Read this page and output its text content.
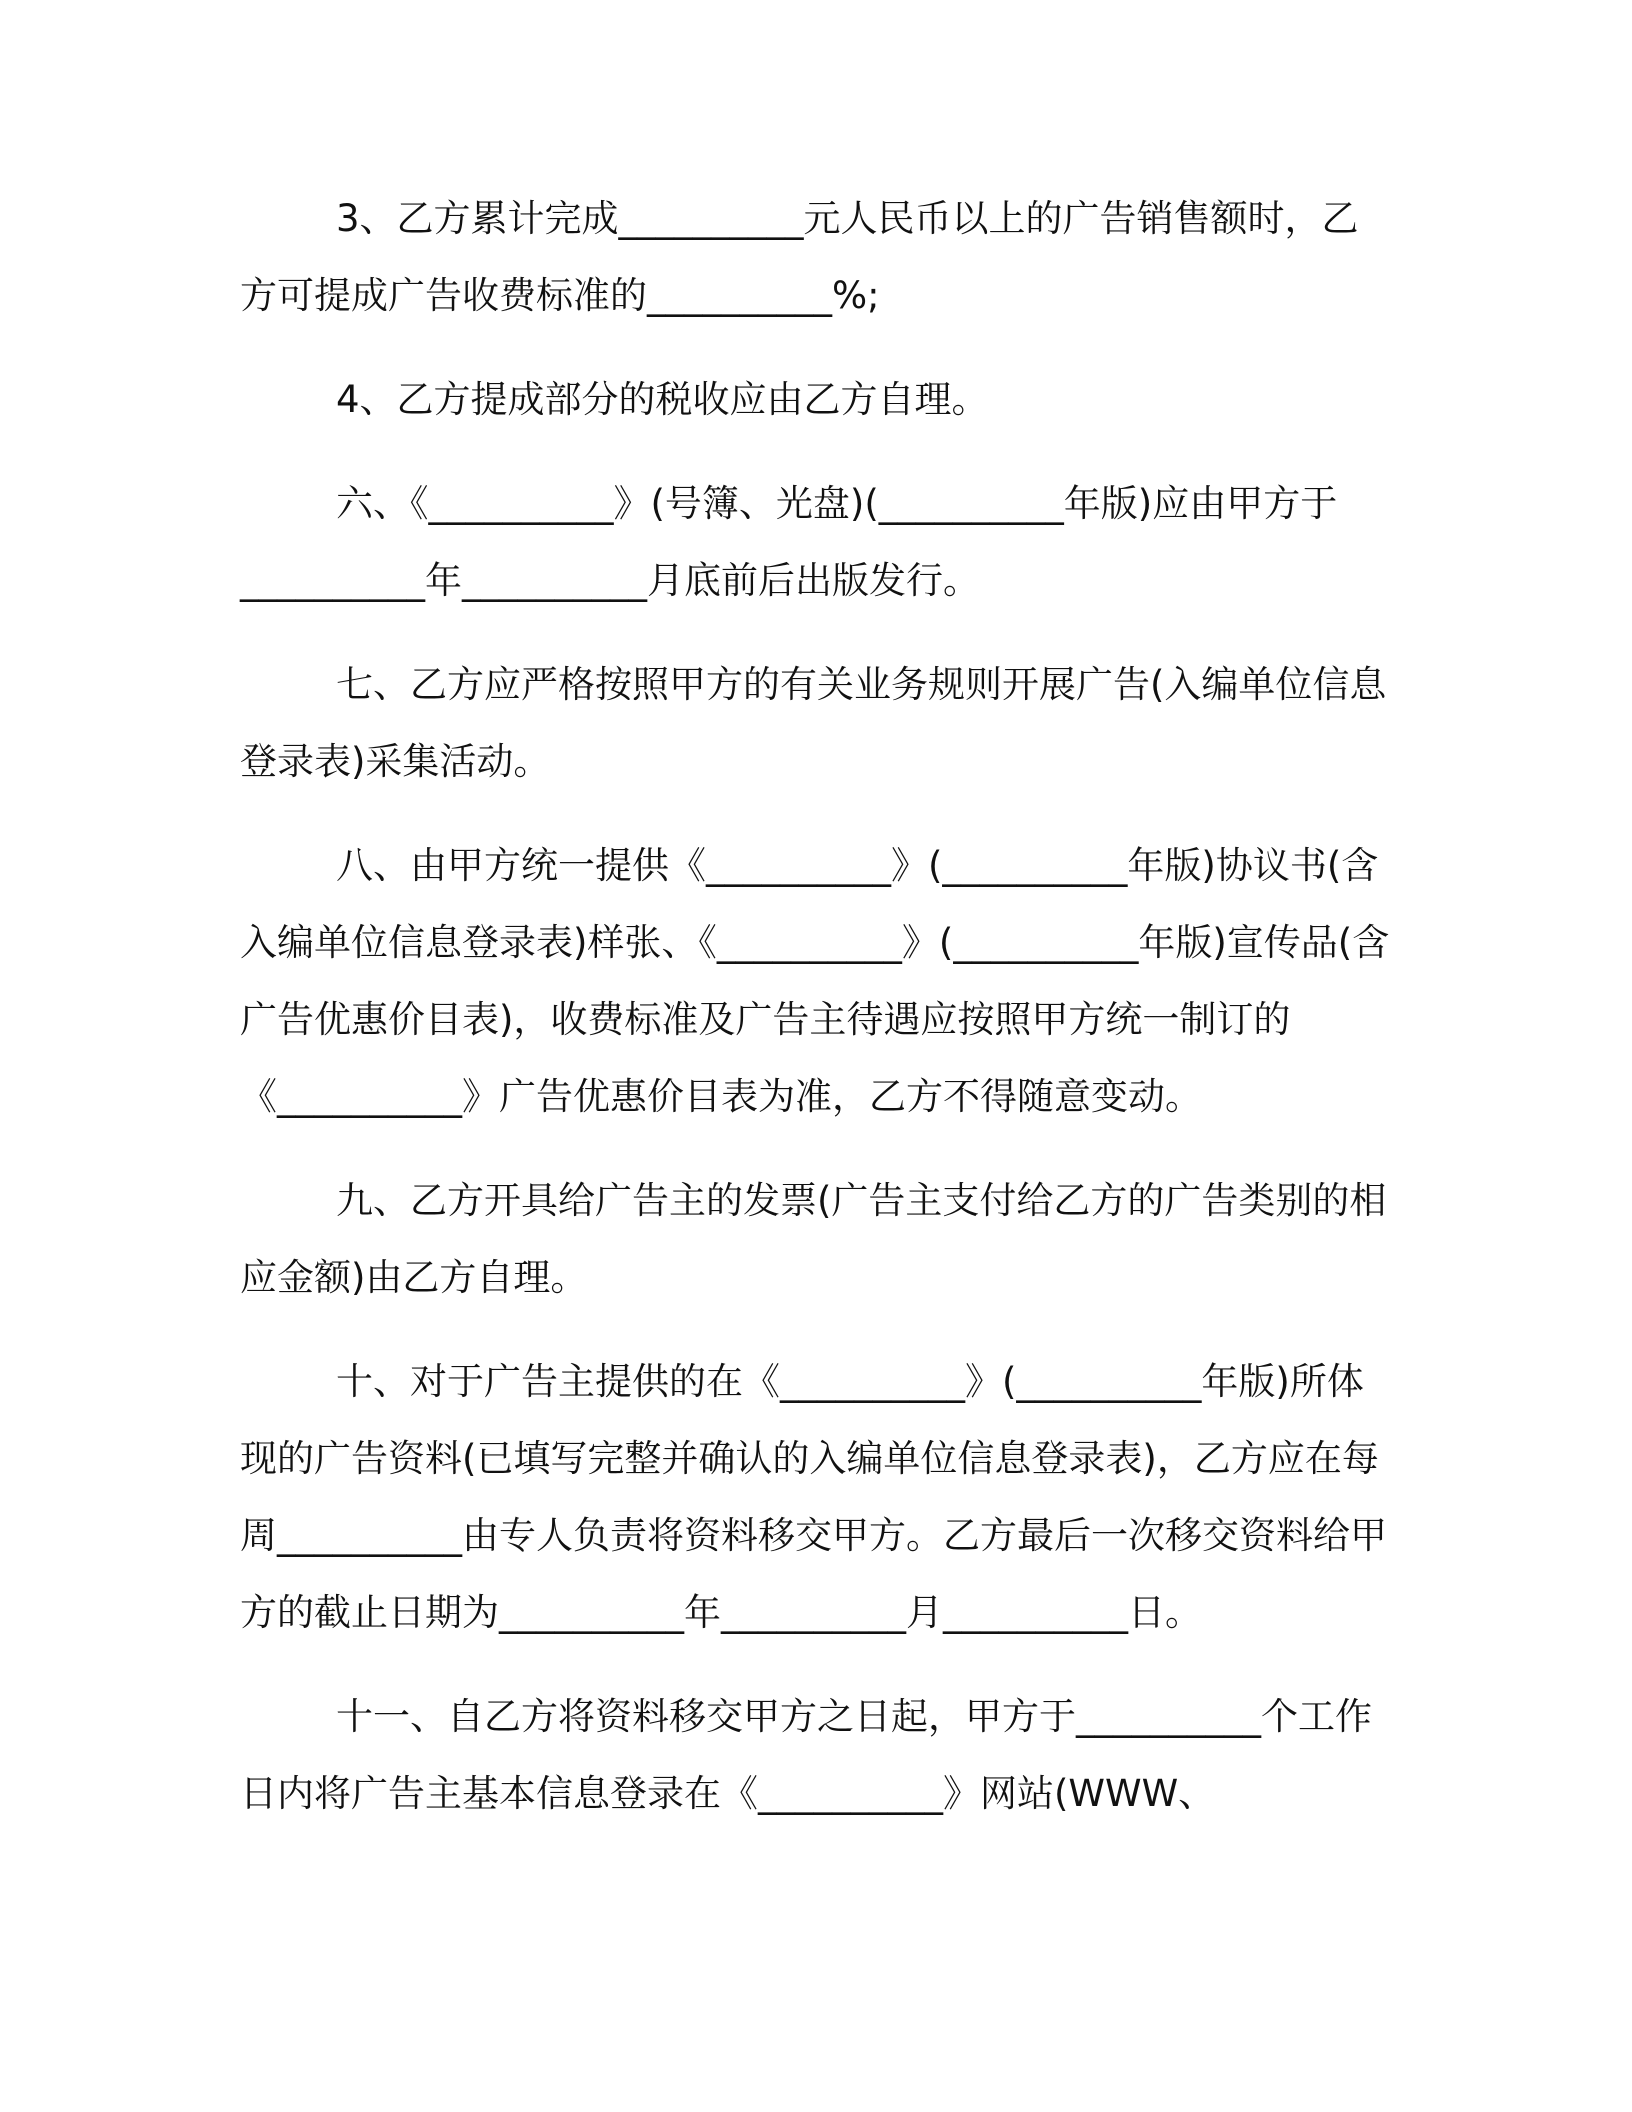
3、乙方累计完成__________元人民币以上的广告销售额时，乙方可提成广告收费标准的__________%;

4、乙方提成部分的税收应由乙方自理。

六、《__________》(号簿、光盘)(__________年版)应由甲方于__________年__________月底前后出版发行。

七、乙方应严格按照甲方的有关业务规则开展广告(入编单位信息登录表)采集活动。

八、由甲方统一提供《__________》(__________年版)协议书(含入编单位信息登录表)样张、《__________》(__________年版)宣传品(含广告优惠价目表)，收费标准及广告主待遇应按照甲方统一制订的《__________》广告优惠价目表为准，乙方不得随意变动。

九、乙方开具给广告主的发票(广告主支付给乙方的广告类别的相应金额)由乙方自理。

十、对于广告主提供的在《__________》(__________年版)所体现的广告资料(已填写完整并确认的入编单位信息登录表)，乙方应在每周__________由专人负责将资料移交甲方。乙方最后一次移交资料给甲方的截止日期为__________年__________月__________日。

十一、自乙方将资料移交甲方之日起，甲方于__________个工作日内将广告主基本信息登录在《__________》网站(WWW、
